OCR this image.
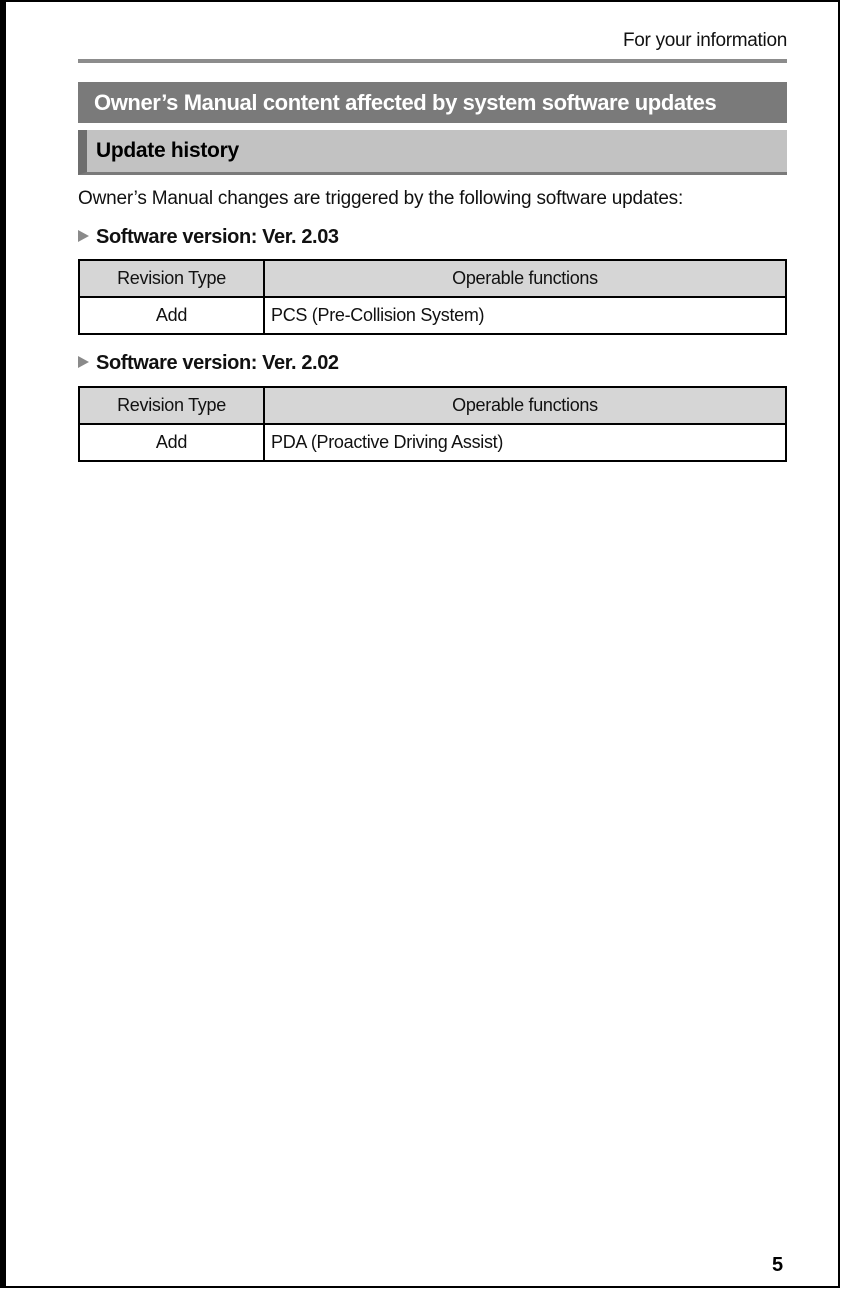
For your information
Owner’s Manual content affected by system software updates
Update history
Owner’s Manual changes are triggered by the following software updates:
Software version: Ver. 2.03
Revision Type	Operable functions
Add	PCS (Pre-Collision System)
Software version: Ver. 2.02
Revision Type	Operable functions
Add	PDA (Proactive Driving Assist)
5
